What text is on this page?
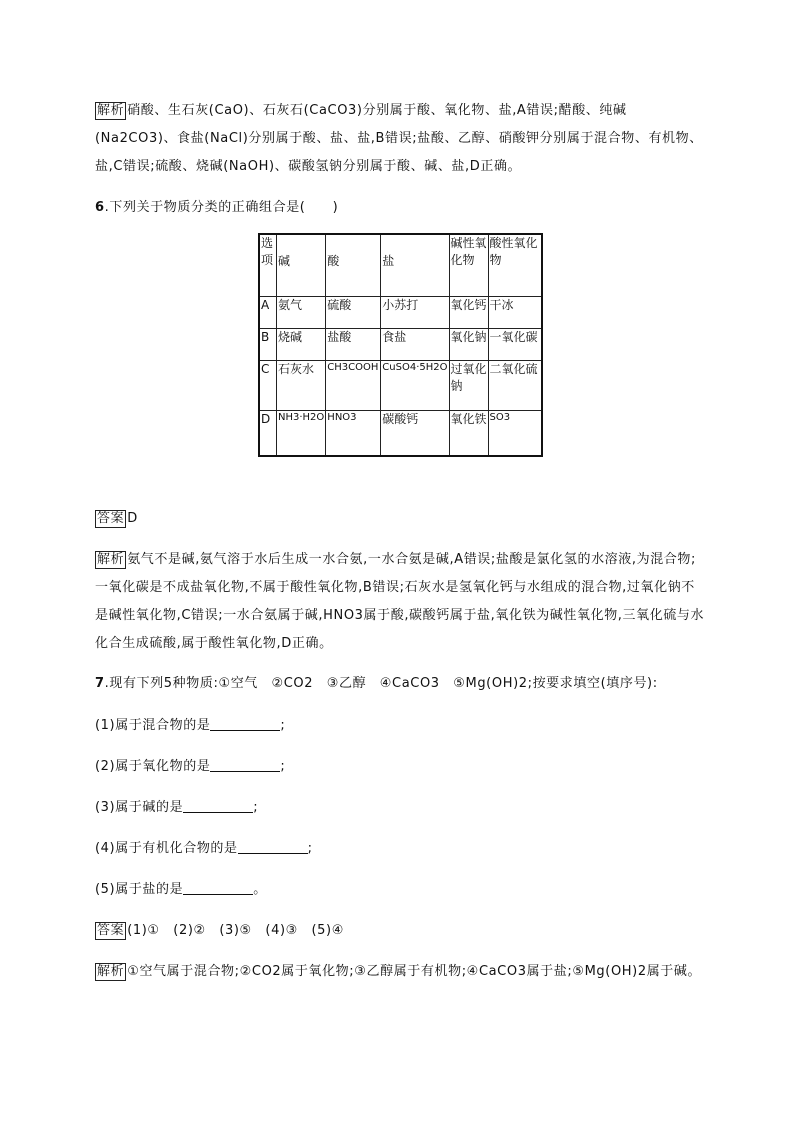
解析 硝酸、生石灰(CaO)、石灰石(CaCO3)分别属于酸、氧化物、盐,A错误;醋酸、纯碱(Na2CO3)、食盐(NaCl)分别属于酸、盐、盐,B错误;盐酸、乙醇、硝酸钾分别属于混合物、有机物、盐,C错误;硫酸、烧碱(NaOH)、碳酸氢钠分别属于酸、碱、盐,D正确。
6.下列关于物质分类的正确组合是(　　)
选项	碱	酸	盐	碱性氧化物	酸性氧化物
A	氨气	硫酸	小苏打	氧化钙	干冰
B	烧碱	盐酸	食盐	氧化钠	一氧化碳
C	石灰水	CH3COOH	CuSO4·5H2O	过氧化钠	二氧化硫
D	NH3·H2O	HNO3	碳酸钙	氧化铁	SO3
答案 D
解析 氨气不是碱,氨气溶于水后生成一水合氨,一水合氨是碱,A错误;盐酸是氯化氢的水溶液,为混合物;一氧化碳是不成盐氧化物,不属于酸性氧化物,B错误;石灰水是氢氧化钙与水组成的混合物,过氧化钠不是碱性氧化物,C错误;一水合氨属于碱,HNO3属于酸,碳酸钙属于盐,氧化铁为碱性氧化物,三氧化硫与水化合生成硫酸,属于酸性氧化物,D正确。
7.现有下列5种物质:①空气　②CO2　③乙醇　④CaCO3　⑤Mg(OH)2;按要求填空(填序号):
(1)属于混合物的是	;
(2)属于氧化物的是	;
(3)属于碱的是	;
(4)属于有机化合物的是	;
(5)属于盐的是	。
答案 (1)①　(2)②　(3)⑤　(4)③　(5)④
解析 ①空气属于混合物;②CO2属于氧化物;③乙醇属于有机物;④CaCO3属于盐;⑤Mg(OH)2属于碱。
